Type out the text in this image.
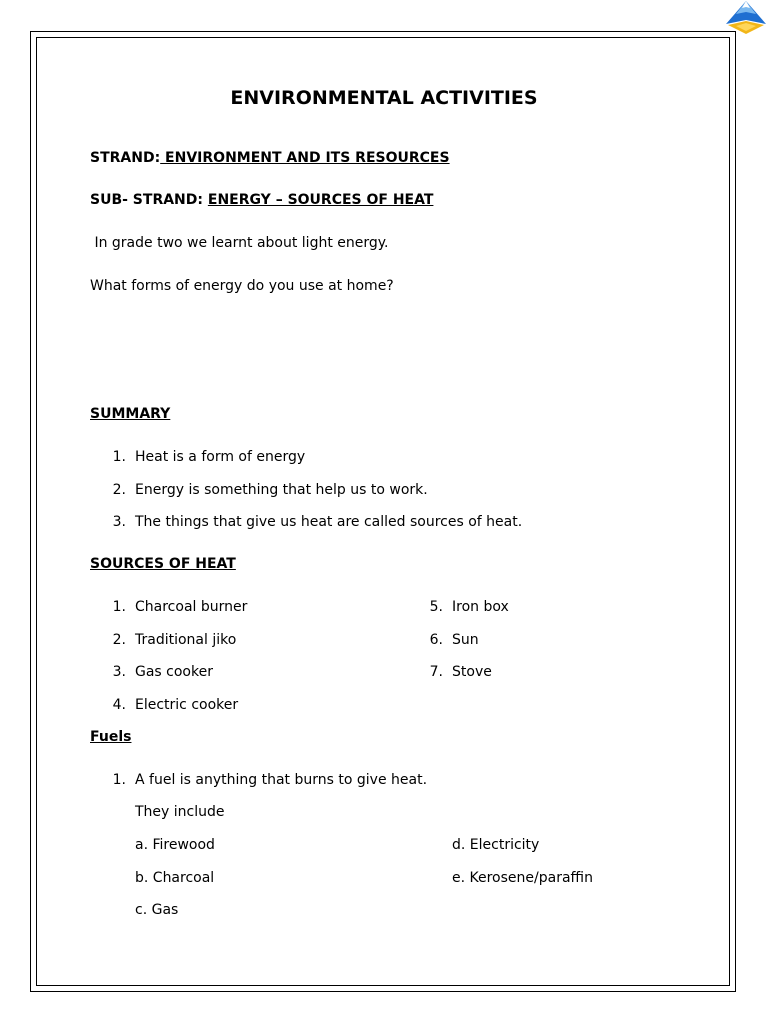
ENVIRONMENTAL ACTIVITIES
STRAND: ENVIRONMENT AND ITS RESOURCES
SUB- STRAND: ENERGY – SOURCES OF HEAT
In grade two we learnt about light energy.
What forms of energy do you use at home?
SUMMARY
1. Heat is a form of energy
2. Energy is something that help us to work.
3. The things that give us heat are called sources of heat.
SOURCES OF HEAT
1. Charcoal burner
2. Traditional jiko
3. Gas cooker
4. Electric cooker
5. Iron box
6. Sun
7. Stove
Fuels
1. A fuel is anything that burns to give heat.
They include
a. Firewood
b. Charcoal
c. Gas
d. Electricity
e. Kerosene/paraffin
